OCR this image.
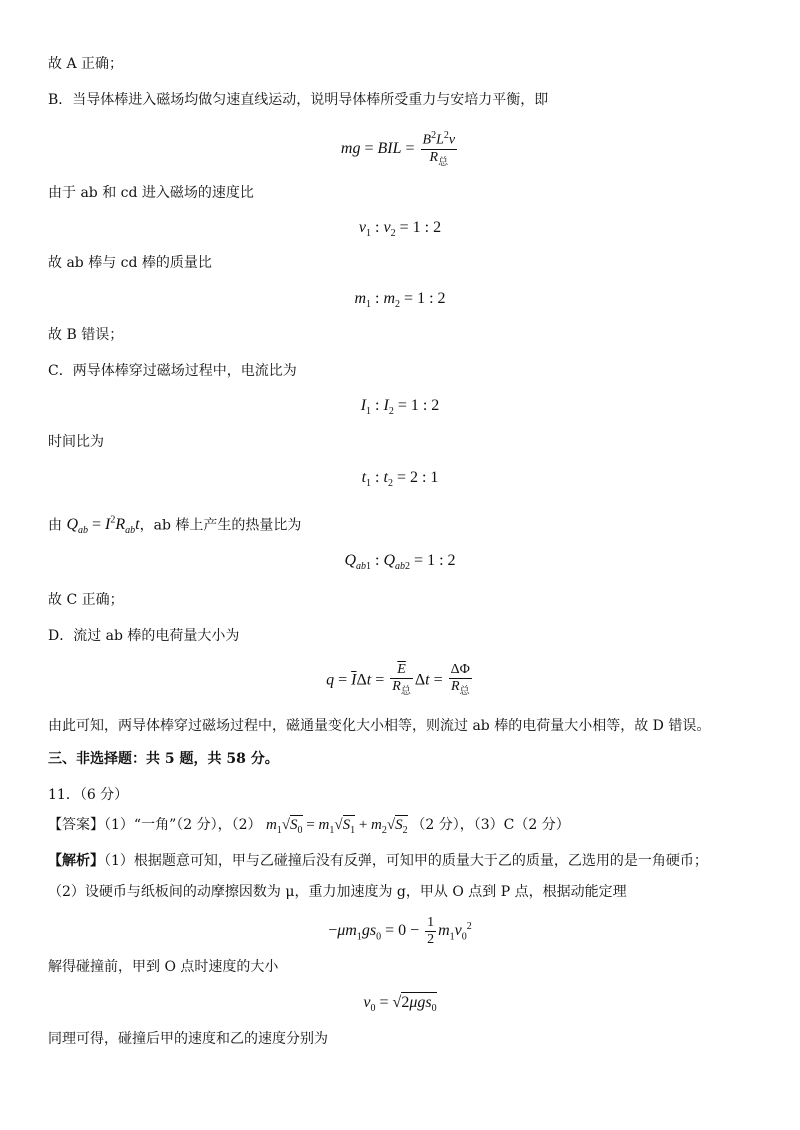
故 A 正确；
B．当导体棒进入磁场均做匀速直线运动，说明导体棒所受重力与安培力平衡，即
mg = BIL = $\frac{B^2L^2v}{R_总}$
由于 ab 和 cd 进入磁场的速度比
$v_1$ : $v_2 = 1$ : 2
故 ab 棒与 cd 棒的质量比
$m_1$ : $m_2 = 1$ : 2
故 B 错误；
C．两导体棒穿过磁场过程中，电流比为
$I_1$ : $I_2 = 1$ : 2
时间比为
$t_1$ : $t_2 = 2$ : 1
由 $Q_{ab} = I^2R_{ab}t$，ab 棒上产生的热量比为
$Q_{ab1}$ : $Q_{ab2} = 1$ : 2
故 C 正确；
D．流过 ab 棒的电荷量大小为
$q = \overline{I}\Delta t = \frac{\overline{E}}{R_总}$ $\Delta t = \frac{\Delta\Phi}{R_总}$
由此可知，两导体棒穿过磁场过程中，磁通量变化大小相等，则流过 ab 棒的电荷量大小相等，故 D 错误。
三、非选择题：共 5 题，共 58 分。
11．（6 分）
【答案】（1）“一角”（2 分），（2） $m_1√S_0 = m_1√S_1 + m_2√S_2$ （2 分），（3）C（2 分）
【解析】（1）根据题意可知，甲与乙碰撞后没有反弹，可知甲的质量大于乙的质量，乙选用的是一角硬币；
（2）设硬币与纸板间的动摩擦因数为 μ，重力加速度为 g，甲从 O 点到 P 点，根据动能定理
$-\mu m_1gs_0 = 0 - \frac{1}{2} m_1v_0^2$
解得碰撞前，甲到 O 点时速度的大小
$v_0 = √2\mu gs_0$
同理可得，碰撞后甲的速度和乙的速度分别为
